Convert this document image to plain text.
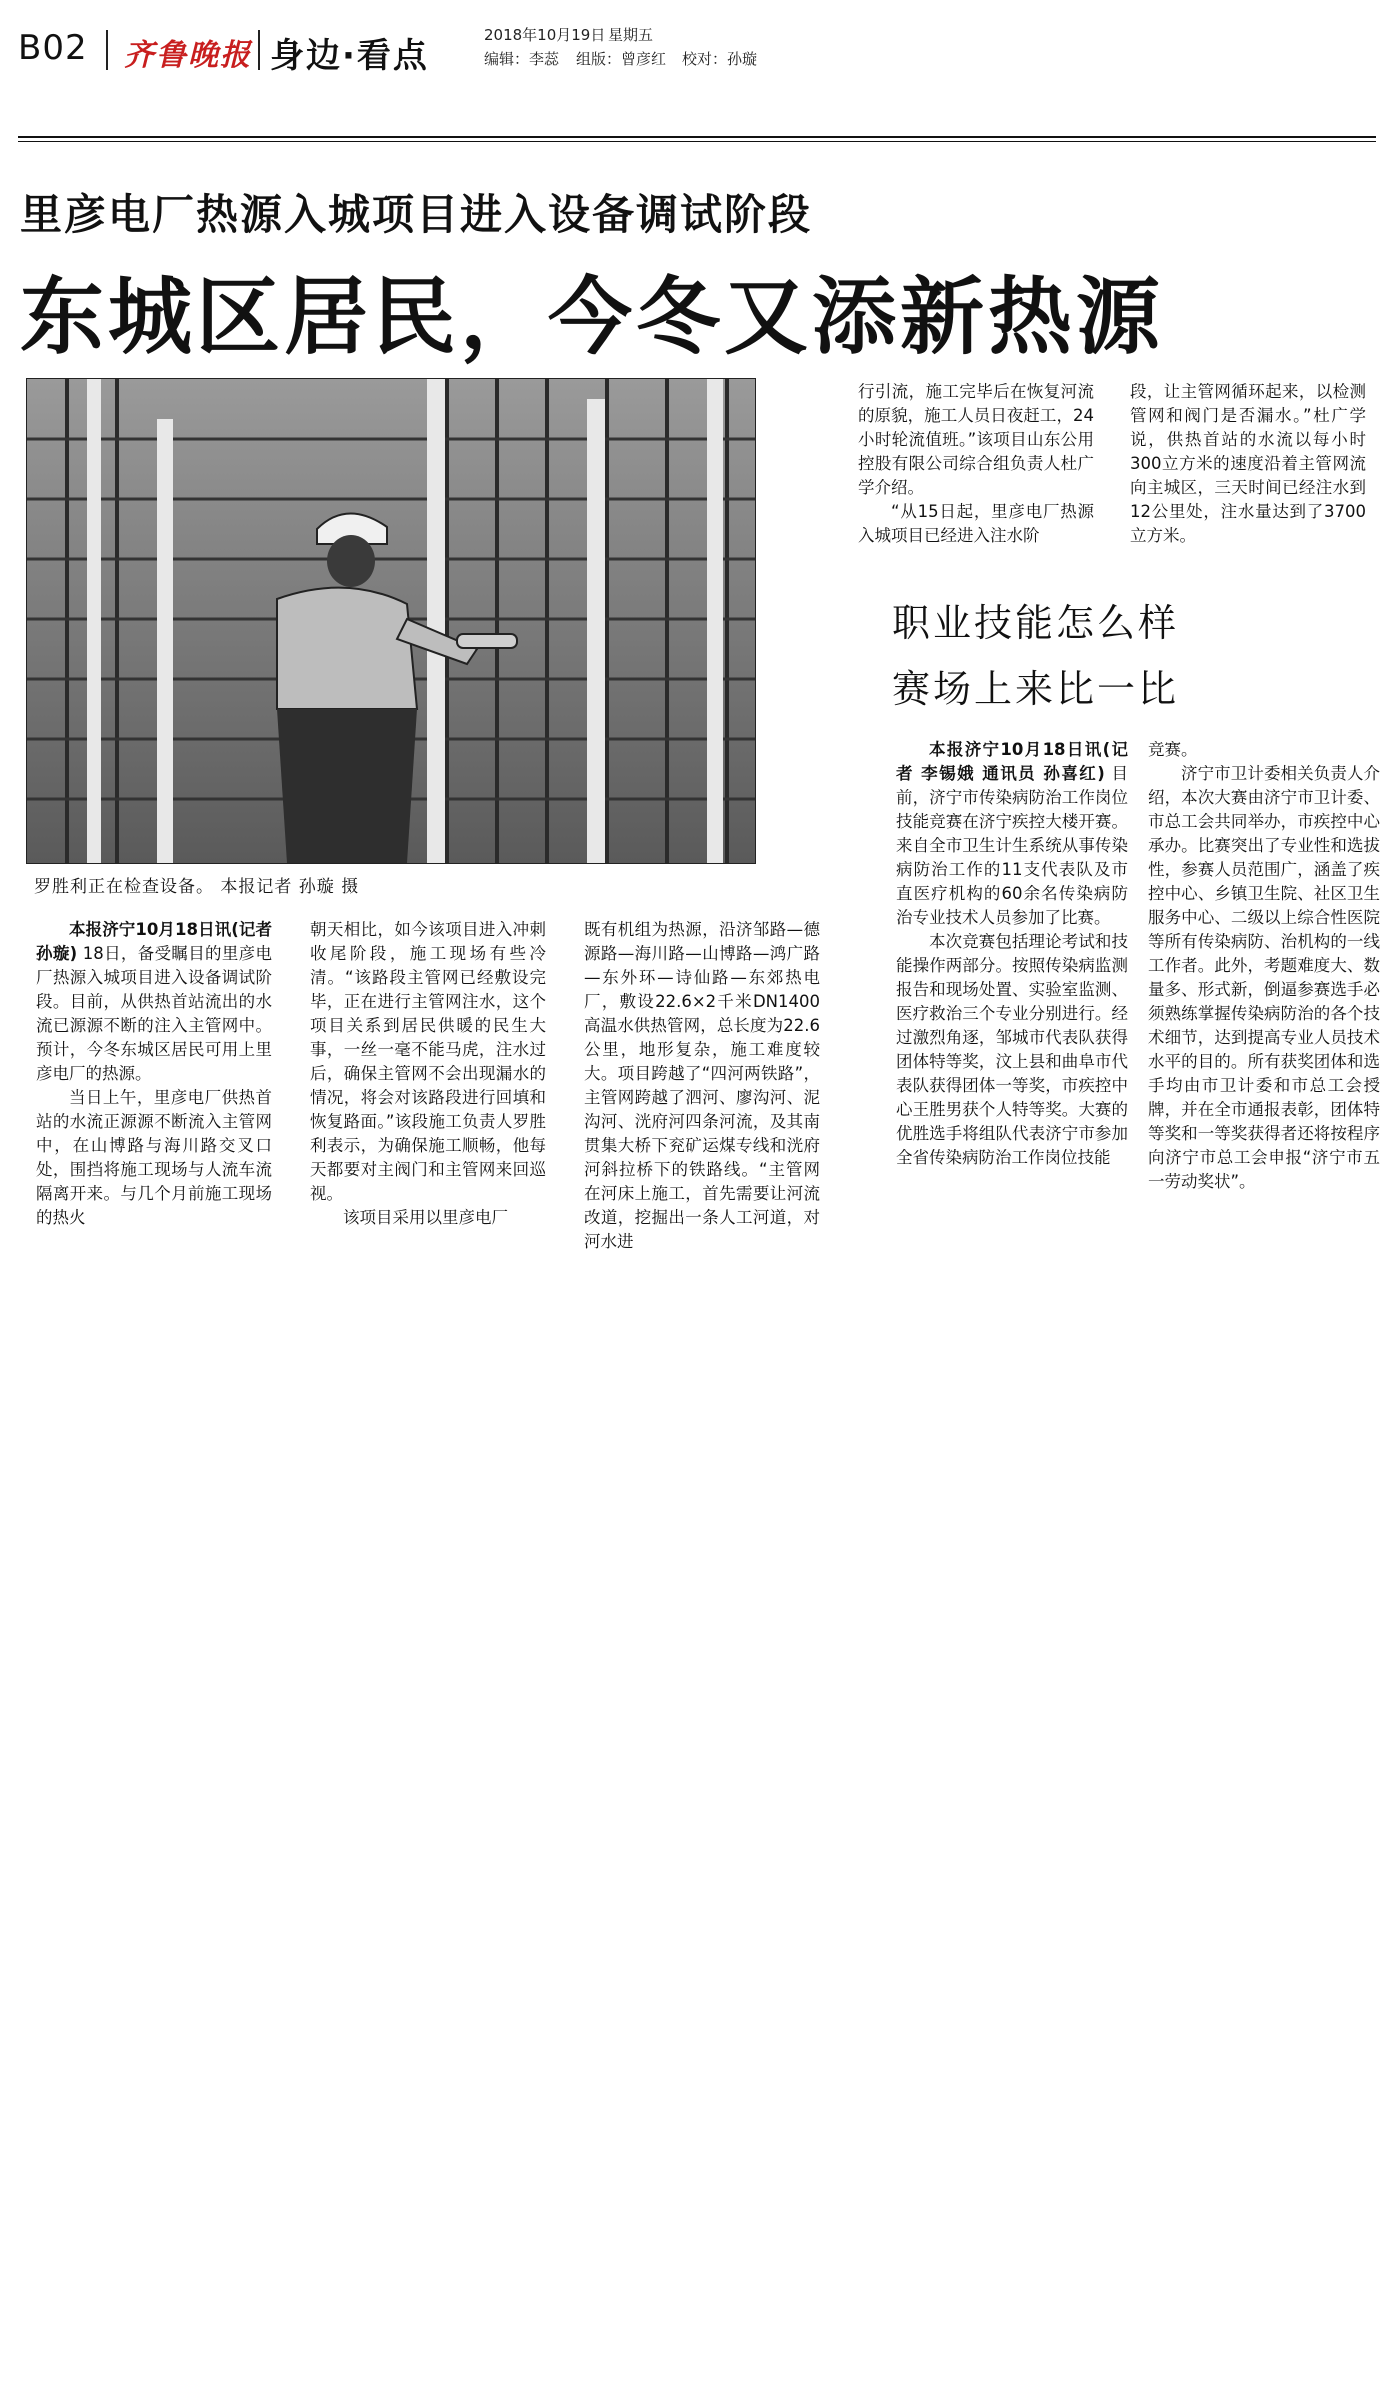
B02 齐鲁晚报 身边·看点
2018年10月19日 星期五
编辑：李蕊 组版：曾彦红 校对：孙璇
里彦电厂热源入城项目进入设备调试阶段
东城区居民，今冬又添新热源
罗胜利正在检查设备。 本报记者 孙璇 摄

本报济宁10月18日讯(记者 孙璇) 18日，备受瞩目的里彦电厂热源入城项目进入设备调试阶段。目前，从供热首站流出的水流已源源不断的注入主管网中。预计，今冬东城区居民可用上里彦电厂的热源。

当日上午，里彦电厂供热首站的水流正源源不断流入主管网中，在山博路与海川路交叉口处，围挡将施工现场与人流车流隔离开来。与几个月前施工现场的热火

朝天相比，如今该项目进入冲刺收尾阶段，施工现场有些冷清。“该路段主管网已经敷设完毕，正在进行主管网注水，这个项目关系到居民供暖的民生大事，一丝一毫不能马虎，注水过后，确保主管网不会出现漏水的情况，将会对该路段进行回填和恢复路面。”该段施工负责人罗胜利表示，为确保施工顺畅，他每天都要对主阀门和主管网来回巡视。

该项目采用以里彦电厂

既有机组为热源，沿济邹路—德源路—海川路—山博路—鸿广路—东外环—诗仙路—东郊热电厂，敷设22.6×2千米DN1400高温水供热管网，总长度为22.6公里，地形复杂，施工难度较大。项目跨越了“四河两铁路”，主管网跨越了泗河、廖沟河、泥沟河、洸府河四条河流，及其南贯集大桥下兖矿运煤专线和洸府河斜拉桥下的铁路线。“主管网在河床上施工，首先需要让河流改道，挖掘出一条人工河道，对河水进

行引流，施工完毕后在恢复河流的原貌，施工人员日夜赶工，24小时轮流值班。”该项目山东公用控股有限公司综合组负责人杜广学介绍。

“从15日起，里彦电厂热源入城项目已经进入注水阶

段，让主管网循环起来，以检测管网和阀门是否漏水。”杜广学说，供热首站的水流以每小时300立方米的速度沿着主管网流向主城区，三天时间已经注水到12公里处，注水量达到了3700立方米。

职业技能怎么样
赛场上来比一比

本报济宁10月18日讯(记者 李锡娥 通讯员 孙喜红) 目前，济宁市传染病防治工作岗位技能竞赛在济宁疾控大楼开赛。来自全市卫生计生系统从事传染病防治工作的11支代表队及市直医疗机构的60余名传染病防治专业技术人员参加了比赛。

本次竞赛包括理论考试和技能操作两部分。按照传染病监测报告和现场处置、实验室监测、医疗救治三个专业分别进行。经过激烈角逐，邹城市代表队获得团体特等奖，汶上县和曲阜市代表队获得团体一等奖，市疾控中心王胜男获个人特等奖。大赛的优胜选手将组队代表济宁市参加全省传染病防治工作岗位技能

竞赛。

济宁市卫计委相关负责人介绍，本次大赛由济宁市卫计委、市总工会共同举办，市疾控中心承办。比赛突出了专业性和选拔性，参赛人员范围广，涵盖了疾控中心、乡镇卫生院、社区卫生服务中心、二级以上综合性医院等所有传染病防、治机构的一线工作者。此外，考题难度大、数量多、形式新，倒逼参赛选手必须熟练掌握传染病防治的各个技术细节，达到提高专业人员技术水平的目的。所有获奖团体和选手均由市卫计委和市总工会授牌，并在全市通报表彰，团体特等奖和一等奖获得者还将按程序向济宁市总工会申报“济宁市五一劳动奖状”。
